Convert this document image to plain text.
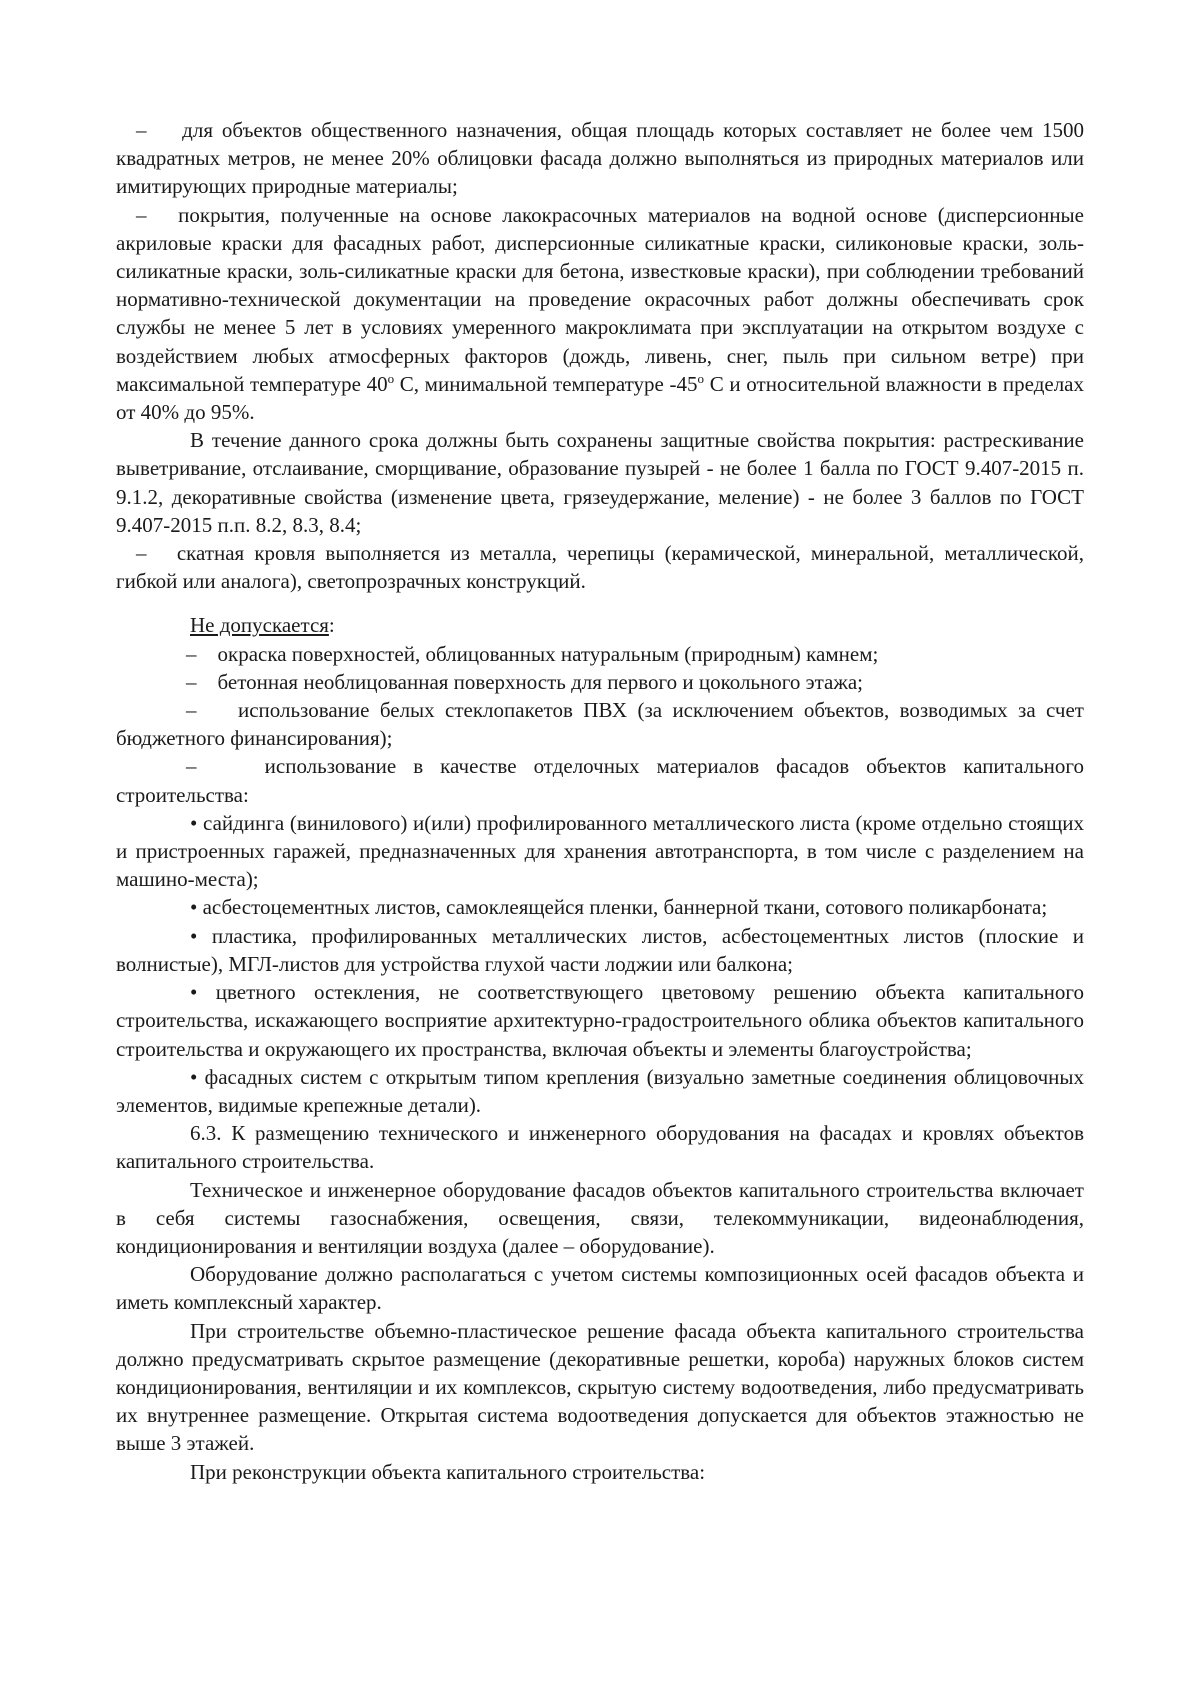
–    для объектов общественного назначения, общая площадь которых составляет не более чем 1500 квадратных метров, не менее 20% облицовки фасада должно выполняться из природных материалов или имитирующих природные материалы;

–   покрытия, полученные на основе лакокрасочных материалов на водной основе (дисперсионные акриловые краски для фасадных работ, дисперсионные силикатные краски, силиконовые краски, золь-силикатные краски, золь-силикатные краски для бетона, известковые краски), при соблюдении требований нормативно-технической документации на проведение окрасочных работ должны обеспечивать срок службы не менее 5 лет в условиях умеренного макроклимата при эксплуатации на открытом воздухе с воздействием любых атмосферных факторов (дождь, ливень, снег, пыль при сильном ветре) при максимальной температуре $40^о$ С, минимальной температуре $-45^о$ С и относительной влажности в пределах от 40% до 95%.

В течение данного срока должны быть сохранены защитные свойства покрытия: растрескивание выветривание, отслаивание, сморщивание, образование пузырей - не более 1 балла по ГОСТ 9.407-2015 п. 9.1.2, декоративные свойства (изменение цвета, грязеудержание, меление) - не более 3 баллов по ГОСТ 9.407-2015 п.п. 8.2, 8.3, 8.4;

–   скатная кровля выполняется из металла, черепицы (керамической, минеральной, металлической, гибкой или аналога), светопрозрачных конструкций.

Не допускается:

–    окраска поверхностей, облицованных натуральным (природным) камнем;

–    бетонная необлицованная поверхность для первого и цокольного этажа;

–    использование белых стеклопакетов ПВХ (за исключением объектов, возводимых за счет бюджетного финансирования);

–    использование в качестве отделочных материалов фасадов объектов капитального строительства:

• сайдинга (винилового) и(или) профилированного металлического листа (кроме отдельно стоящих и пристроенных гаражей, предназначенных для хранения автотранспорта, в том числе с разделением на машино-места);

• асбестоцементных листов, самоклеящейся пленки, баннерной ткани, сотового поликарбоната;

• пластика, профилированных металлических листов, асбестоцементных листов (плоские и волнистые), МГЛ-листов для устройства глухой части лоджии или балкона;

• цветного остекления, не соответствующего цветовому решению объекта капитального строительства, искажающего восприятие архитектурно-градостроительного облика объектов капитального строительства и окружающего их пространства, включая объекты и элементы благоустройства;

• фасадных систем с открытым типом крепления (визуально заметные соединения облицовочных элементов, видимые крепежные детали).

6.3. К размещению технического и инженерного оборудования на фасадах и кровлях объектов капитального строительства.

Техническое и инженерное оборудование фасадов объектов капитального строительства включает в себя системы газоснабжения, освещения, связи, телекоммуникации, видеонаблюдения, кондиционирования и вентиляции воздуха (далее – оборудование).

Оборудование должно располагаться с учетом системы композиционных осей фасадов объекта и иметь комплексный характер.

При строительстве объемно-пластическое решение фасада объекта капитального строительства должно предусматривать скрытое размещение (декоративные решетки, короба) наружных блоков систем кондиционирования, вентиляции и их комплексов, скрытую систему водоотведения, либо предусматривать их внутреннее размещение. Открытая система водоотведения допускается для объектов этажностью не выше 3 этажей.

При реконструкции объекта капитального строительства:
